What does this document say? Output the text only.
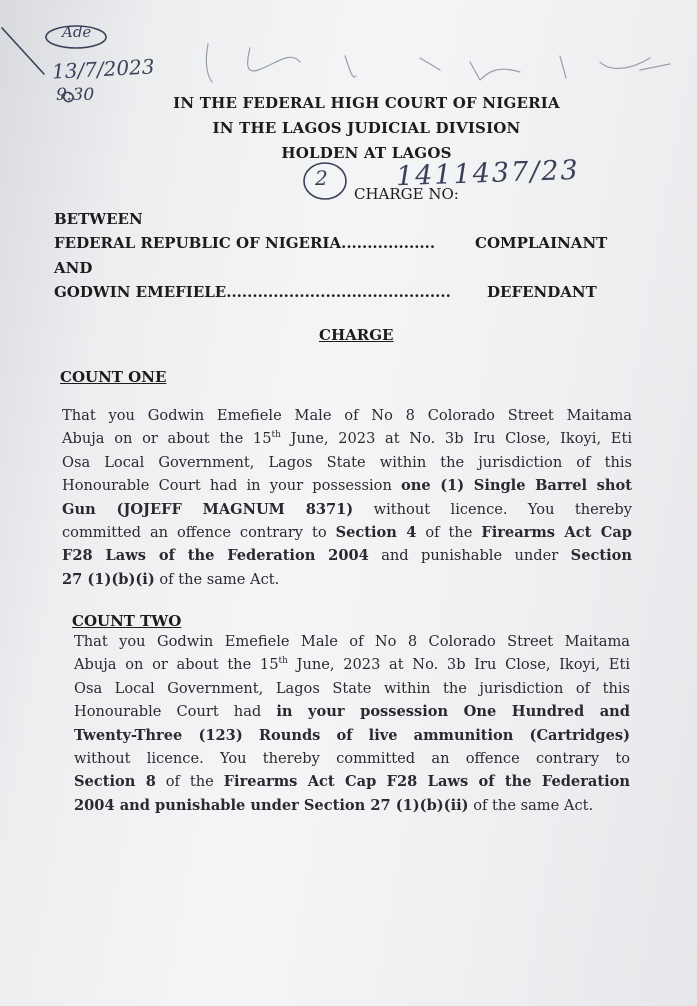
Ade
13/7/2023
9:30
2	1411437/23
IN THE FEDERAL HIGH COURT OF NIGERIA
IN THE LAGOS JUDICIAL DIVISION
HOLDEN AT LAGOS
CHARGE NO:
BETWEEN
FEDERAL REPUBLIC OF NIGERIA..................	COMPLAINANT
AND
GODWIN EMEFIELE........................................... DEFENDANT
CHARGE
COUNT ONE
That you Godwin Emefiele Male of No 8 Colorado Street Maitama
Abuja on or about the 15th June, 2023 at No. 3b Iru Close, Ikoyi, Eti
Osa Local Government, Lagos State within the jurisdiction of this
Honourable Court had in your possession one (1) Single Barrel shot
Gun (JOJEFF MAGNUM 8371) without licence. You thereby
committed an offence contrary to Section 4 of the Firearms Act Cap
F28 Laws of the Federation 2004 and punishable under Section
27 (1)(b)(i) of the same Act.
COUNT TWO
That you Godwin Emefiele Male of No 8 Colorado Street Maitama
Abuja on or about the 15th June, 2023 at No. 3b Iru Close, Ikoyi, Eti
Osa Local Government, Lagos State within the jurisdiction of this
Honourable Court had in your possession One Hundred and
Twenty-Three (123) Rounds of live ammunition (Cartridges)
without licence. You thereby committed an offence contrary to
Section 8 of the Firearms Act Cap F28 Laws of the Federation
2004 and punishable under Section 27 (1)(b)(ii) of the same Act.
